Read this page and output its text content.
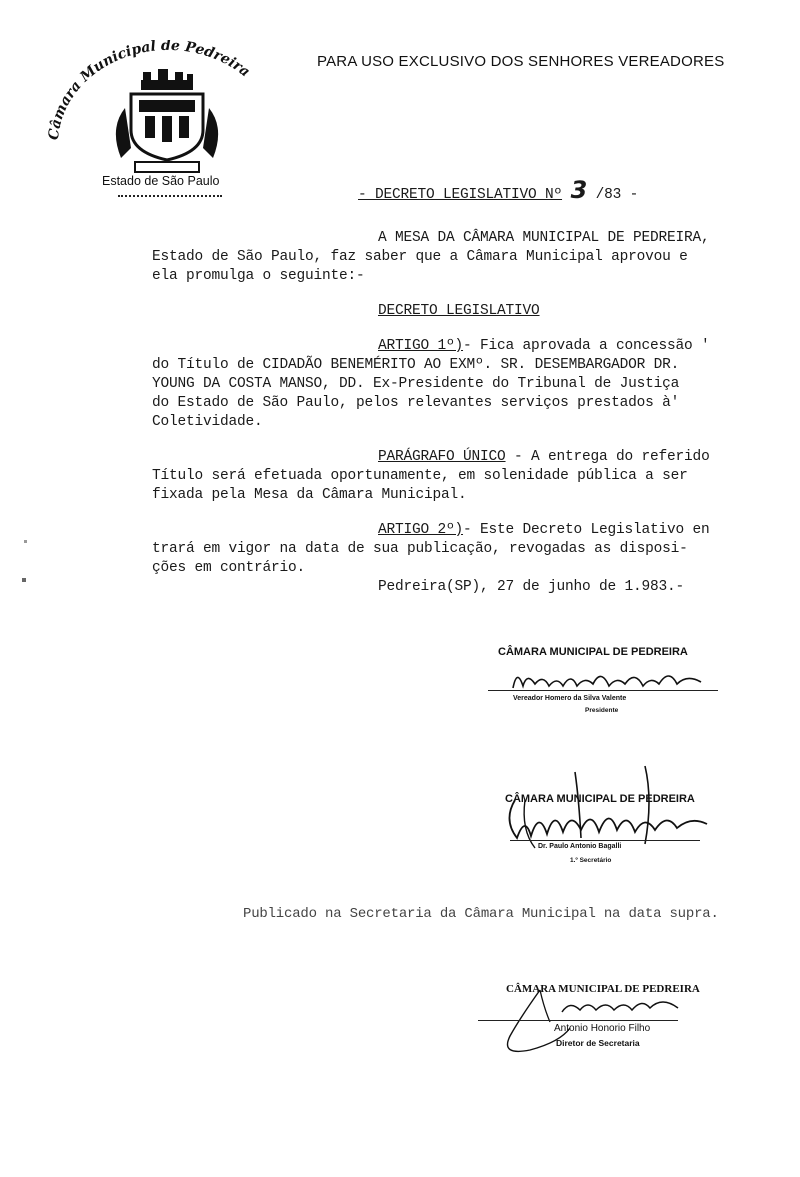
Câmara Municipal de Pedreira
Estado de São Paulo
PARA USO EXCLUSIVO DOS SENHORES VEREADORES
- DECRETO LEGISLATIVO Nº 3 /83 -
A MESA DA CÂMARA MUNICIPAL DE PEDREIRA,
Estado de São Paulo, faz saber que a Câmara Municipal aprovou e
ela promulga o seguinte:-
DECRETO LEGISLATIVO
ARTIGO 1º)- Fica aprovada a concessão '
do Título de CIDADÃO BENEMÉRITO AO EXMº. SR. DESEMBARGADOR DR.
YOUNG DA COSTA MANSO, DD. Ex-Presidente do Tribunal de Justiça
do Estado de São Paulo, pelos relevantes serviços prestados à'
Coletividade.
PARÁGRAFO ÚNICO - A entrega do referido
Título será efetuada oportunamente, em solenidade pública a ser
fixada pela Mesa da Câmara Municipal.
ARTIGO 2º)- Este Decreto Legislativo en
trará em vigor na data de sua publicação, revogadas as disposi-
ções em contrário.
Pedreira(SP), 27 de junho de 1.983.-
CÂMARA MUNICIPAL DE PEDREIRA
Vereador Homero da Silva Valente
Presidente
CÂMARA MUNICIPAL DE PEDREIRA
Dr. Paulo Antonio Bagalli
1.º Secretário
Publicado na Secretaria da Câmara Municipal na data supra.
CÂMARA MUNICIPAL DE PEDREIRA
Antonio Honorio Filho
Diretor de Secretaria
